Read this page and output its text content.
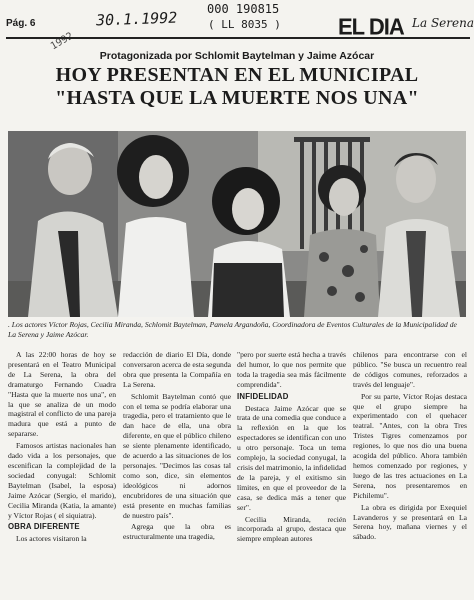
Pág. 6	30.1.1992
1992
000 190815
( LL 8035 )	EL DIA La Serena
Protagonizada por Schlomit Baytelman y Jaime Azócar
HOY PRESENTAN EN EL MUNICIPAL
"HASTA QUE LA MUERTE NOS UNA"
. Los actores Víctor Rojas, Cecilia Miranda, Schlomit Baytelman, Pamela Argandoña, Coordinadora de Eventos Culturales de la Municipalidad de La Serena y Jaime Azócar.

A las 22:00 horas de hoy se presentará en el Teatro Municipal de La Serena, la obra del dramaturgo Fernando Cuadra "Hasta que la muerte nos una", en la que se analiza de un modo magistral el conflicto de una pareja madura que está a punto de separarse.

Famosos artistas nacionales han dado vida a los personajes, que escenifican la complejidad de la sociedad conyugal: Schlomit Baytelman (Isabel, la esposa) Jaime Azócar (Sergio, el marido), Cecilia Miranda (Katia, la amante) y Víctor Rojas ( el siquiatra).

OBRA DIFERENTE

Los actores visitaron la

redacción de diario El Día, donde conversaron acerca de esta segunda obra que presenta la Compañía en La Serena.

Schlomit Baytelman contó que con el tema se podría elaborar una tragedia, pero el tratamiento que le dan hace de ella, una obra diferente, en que el público chileno se siente plenamente identificado, de acuerdo a las situaciones de los personajes. "Decimos las cosas tal como son, dice, sin elementos ideológicos ni adornos encubridores de una situación que está presente en muchas familias de nuestro país".

Agrega que la obra es estructuralmente una tragedia,

"pero por suerte está hecha a través del humor, lo que nos permite que toda la tragedia sea más fácilmente comprendida".

INFIDELIDAD

Destaca Jaime Azócar que se trata de una comedia que conduce a la reflexión en la que los espectadores se identifican con uno u otro personaje. Toca un tema complejo, la sociedad conyugal, la crisis del matrimonio, la infidelidad de la pareja, y el exitismo sin límites, en que el proveedor de la casa, se dedica más a tener que ser".

Cecilia Miranda, recién incorporada al grupo, destaca que siempre emplean autores

chilenos para encontrarse con el público. "Se busca un recuentro real de códigos comunes, reforzados a través del lenguaje".

Por su parte, Víctor Rojas destaca que el grupo siempre ha experimentado con el quehacer teatral. "Antes, con la obra Tres Tristes Tigres comenzamos por regiones, lo que nos dio una buena acogida del público. Ahora también hemos comenzado por regiones, y luego de las tres actuaciones en La Serena, nos presentaremos en Pichilemu".

La obra es dirigida por Exequiel Lavanderos y se presentará en La Serena hoy, mañana viernes y el sábado.
